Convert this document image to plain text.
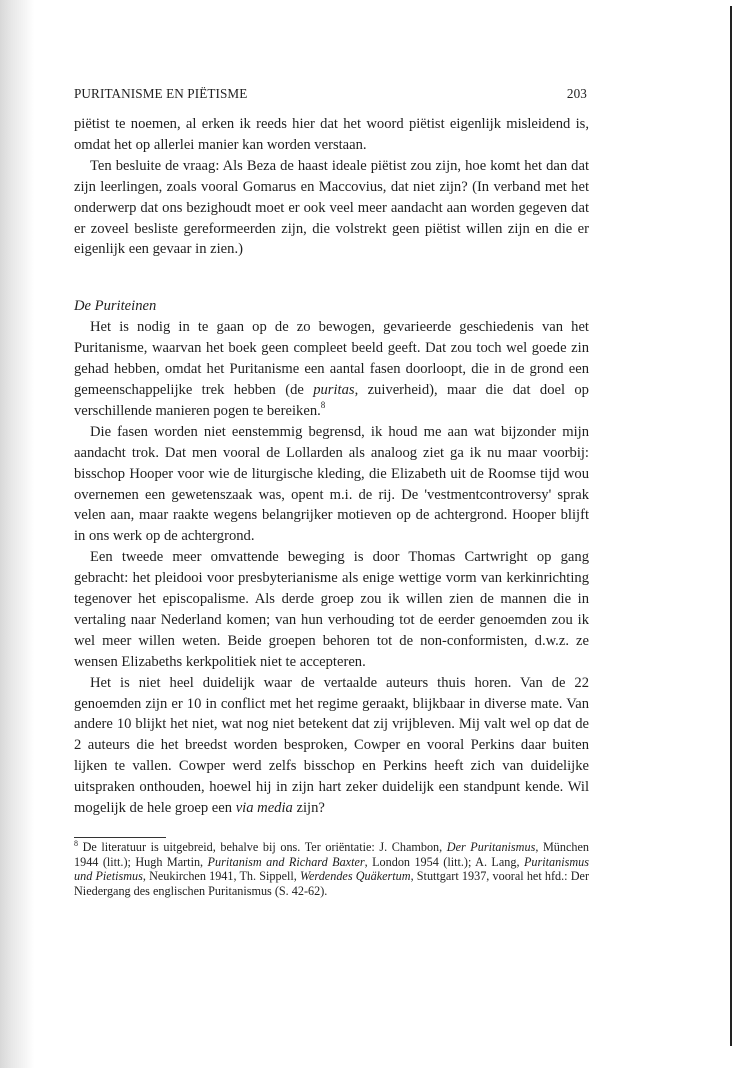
PURITANISME EN PIËTISME	203

piëtist te noemen, al erken ik reeds hier dat het woord piëtist eigenlijk misleidend is, omdat het op allerlei manier kan worden verstaan.

Ten besluite de vraag: Als Beza de haast ideale piëtist zou zijn, hoe komt het dan dat zijn leerlingen, zoals vooral Gomarus en Maccovius, dat niet zijn? (In verband met het onderwerp dat ons bezighoudt moet er ook veel meer aandacht aan worden gegeven dat er zoveel besliste gereformeerden zijn, die volstrekt geen piëtist willen zijn en die er eigenlijk een gevaar in zien.)

De Puriteinen

Het is nodig in te gaan op de zo bewogen, gevarieerde geschiedenis van het Puritanisme, waarvan het boek geen compleet beeld geeft. Dat zou toch wel goede zin gehad hebben, omdat het Puritanisme een aantal fasen doorloopt, die in de grond een gemeenschappelijke trek hebben (de puritas, zuiverheid), maar die dat doel op verschillende manieren pogen te bereiken.$^8$

Die fasen worden niet eenstemmig begrensd, ik houd me aan wat bijzonder mijn aandacht trok. Dat men vooral de Lollarden als analoog ziet ga ik nu maar voorbij: bisschop Hooper voor wie de liturgische kleding, die Elizabeth uit de Roomse tijd wou overnemen een gewetenszaak was, opent m.i. de rij. De 'vestmentcontroversy' sprak velen aan, maar raakte wegens belangrijker motieven op de achtergrond. Hooper blijft in ons werk op de achtergrond.

Een tweede meer omvattende beweging is door Thomas Cartwright op gang gebracht: het pleidooi voor presbyterianisme als enige wettige vorm van kerkinrichting tegenover het episcopalisme. Als derde groep zou ik willen zien de mannen die in vertaling naar Nederland komen; van hun verhouding tot de eerder genoemden zou ik wel meer willen weten. Beide groepen behoren tot de non-conformisten, d.w.z. ze wensen Elizabeths kerkpolitiek niet te accepteren.

Het is niet heel duidelijk waar de vertaalde auteurs thuis horen. Van de 22 genoemden zijn er 10 in conflict met het regime geraakt, blijkbaar in diverse mate. Van andere 10 blijkt het niet, wat nog niet betekent dat zij vrijbleven. Mij valt wel op dat de 2 auteurs die het breedst worden besproken, Cowper en vooral Perkins daar buiten lijken te vallen. Cowper werd zelfs bisschop en Perkins heeft zich van duidelijke uitspraken onthouden, hoewel hij in zijn hart zeker duidelijk een standpunt kende. Wil mogelijk de hele groep een via media zijn?

$^8$ De literatuur is uitgebreid, behalve bij ons. Ter oriëntatie: J. Chambon, Der Puritanismus, München 1944 (litt.); Hugh Martin, Puritanism and Richard Baxter, London 1954 (litt.); A. Lang, Puritanismus und Pietismus, Neukirchen 1941, Th. Sippell, Werdendes Quäkertum, Stuttgart 1937, vooral het hfd.: Der Niedergang des englischen Puritanismus (S. 42-62).
